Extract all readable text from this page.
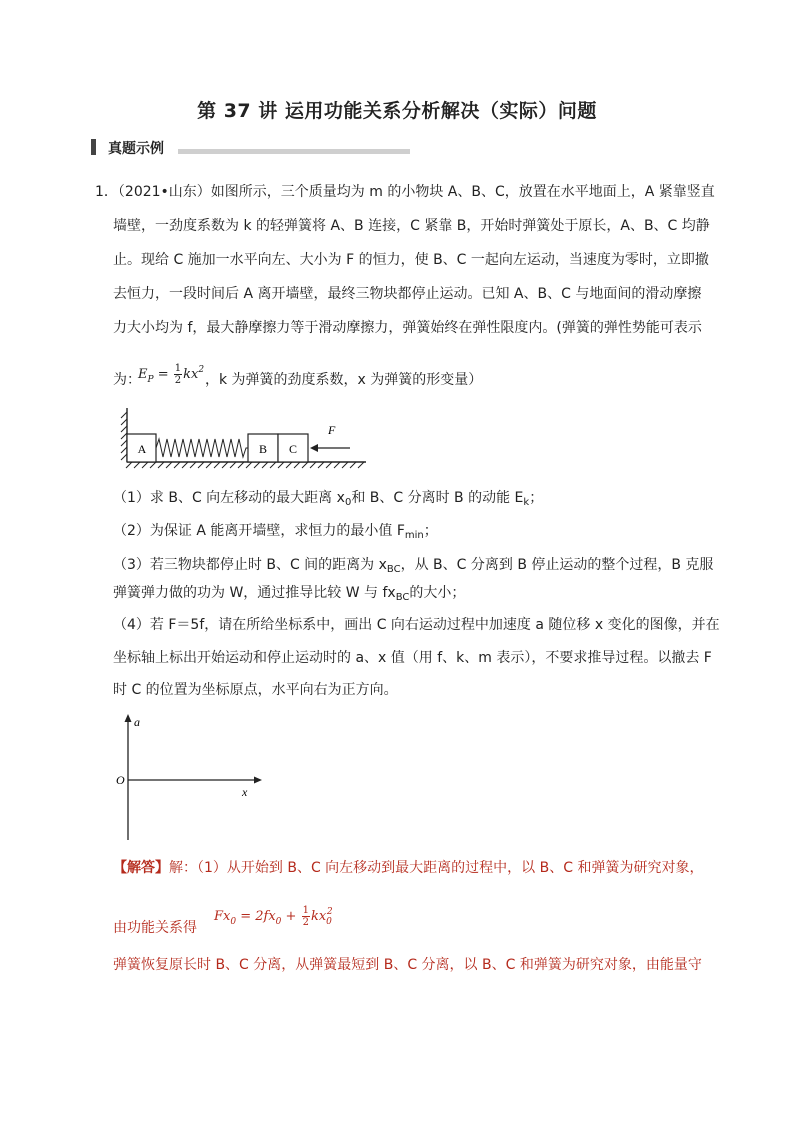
第 37 讲 运用功能关系分析解决（实际）问题
真题示例
1．（2021•山东）如图所示，三个质量均为 m 的小物块 A、B、C，放置在水平地面上，A 紧靠竖直
墙壁，一劲度系数为 k 的轻弹簧将 A、B 连接，C 紧靠 B，开始时弹簧处于原长，A、B、C 均静
止。现给 C 施加一水平向左、大小为 F 的恒力，使 B、C 一起向左运动，当速度为零时，立即撤
去恒力，一段时间后 A 离开墙壁，最终三物块都停止运动。已知 A、B、C 与地面间的滑动摩擦
力大小均为 f，最大静摩擦力等于滑动摩擦力，弹簧始终在弹性限度内。(弹簧的弹性势能可表示
为：
$E_P = \frac{1}{2} kx^2$
，k 为弹簧的劲度系数，x 为弹簧的形变量）
A	B C
F
（1）求 B、C 向左移动的最大距离 $x_0$和 B、C 分离时 B 的动能 $E_k$；
（2）为保证 A 能离开墙壁，求恒力的最小值 $F_{min}$；
（3）若三物块都停止时 B、C 间的距离为 $x_{BC}$，从 B、C 分离到 B 停止运动的整个过程，B 克服
弹簧弹力做的功为 W，通过推导比较 W 与 $fx_{BC}$的大小；
（4）若 F＝5f，请在所给坐标系中，画出 C 向右运动过程中加速度 a 随位移 x 变化的图像，并在
坐标轴上标出开始运动和停止运动时的 a、x 值（用 f、k、m 表示），不要求推导过程。以撤去 F
时 C 的位置为坐标原点，水平向右为正方向。
a
x
O
【解答】解：（1）从开始到 B、C 向左移动到最大距离的过程中，以 B、C 和弹簧为研究对象，
由功能关系得
$Fx_0 = 2fx_0 + \frac{1}{2} kx_0^2$
弹簧恢复原长时 B、C 分离，从弹簧最短到 B、C 分离，以 B、C 和弹簧为研究对象，由能量守
